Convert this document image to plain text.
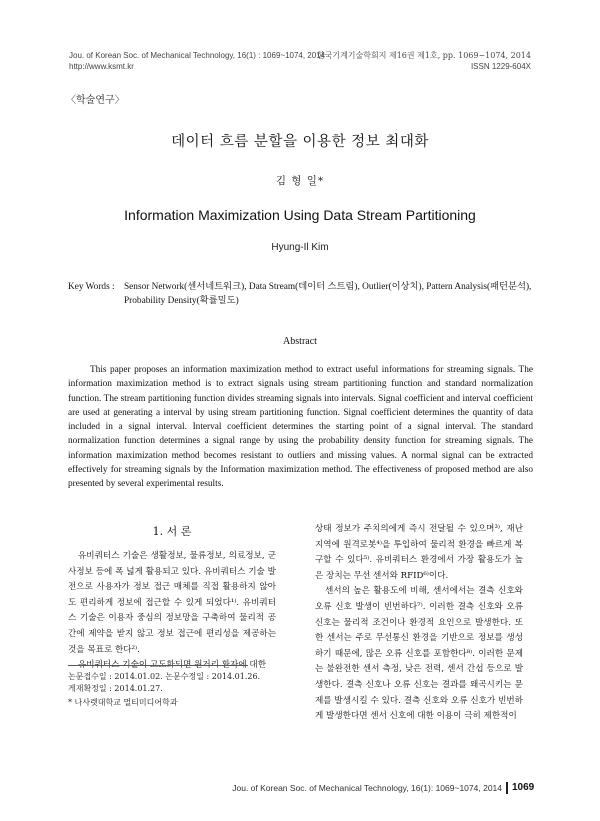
Jou. of Korean Soc. of Mechanical Technology, 16(1) : 1069~1074, 2014
http://www.ksmt.kr
한국기계기술학회지 제16권 제1호, pp. 1069~1074, 2014
ISSN 1229-604X
〈학술연구〉
데이터 흐름 분할을 이용한 정보 최대화
김 형 일*
Information Maximization Using Data Stream Partitioning
Hyung-Il Kim
Key Words : Sensor Network(센서네트워크), Data Stream(데이터 스트림), Outlier(이상치), Pattern Analysis(패턴분석),
Probability Density(확률밀도)
Abstract

This paper proposes an information maximization method to extract useful informations for streaming signals. The information maximization method is to extract signals using stream partitioning function and standard normalization function. The stream partitioning function divides streaming signals into intervals. Signal coefficient and interval coefficient are used at generating a interval by using stream partitioning function. Signal coefficient determines the quantity of data included in a signal interval. Interval coefficient determines the starting point of a signal interval. The standard normalization function determines a signal range by using the probability density function for streaming signals. The information maximization method becomes resistant to outliers and missing values. A normal signal can be extracted effectively for streaming signals by the Information maximization method. The effectiveness of proposed method are also presented by several experimental results.

1. 서 론

유비쿼터스 기술은 생활정보, 물류정보, 의료정보, 군사정보 등에 폭 넓게 활용되고 있다. 유비쿼터스 기술 발전으로 사용자가 정보 접근 매체를 직접 활용하지 않아도 편리하게 정보에 접근할 수 있게 되었다¹⁾. 유비쿼터스 기술은 이용자 중심의 정보망을 구축하여 물리적 공간에 제약을 받지 않고 정보 접근에 편리성을 제공하는 것을 목표로 한다²⁾.

유비쿼터스 기술이 고도화되면 원거리 환자에 대한

논문접수일 : 2014.01.02. 논문수정일 : 2014.01.26.
게재확정일 : 2014.01.27.
* 나사렛대학교 멀티미디어학과

상태 정보가 주치의에게 즉시 전달될 수 있으며³⁾, 재난지역에 원격로봇⁴⁾을 투입하여 물리적 환경을 빠르게 복구할 수 있다⁵⁾. 유비쿼터스 환경에서 가장 활용도가 높은 장치는 무선 센서와 RFID⁶⁾이다.

센서의 높은 활용도에 비해, 센서에서는 결측 신호와 오류 신호 발생이 빈번하다⁷⁾. 이러한 결측 신호와 오류 신호는 물리적 조건이나 환경적 요인으로 발생한다. 또한 센서는 주로 무선통신 환경을 기반으로 정보를 생성하기 때문에, 많은 오류 신호를 포함한다⁸⁾. 이러한 문제는 불완전한 센서 측정, 낮은 전력, 센서 간섭 등으로 발생한다. 결측 신호나 오류 신호는 결과를 왜곡시키는 문제를 발생시킬 수 있다. 결측 신호와 오류 신호가 빈번하게 발생한다면 센서 신호에 대한 이용이 극히 제한적이

Jou. of Korean Soc. of Mechanical Technology, 16(1): 1069~1074, 2014 1069
